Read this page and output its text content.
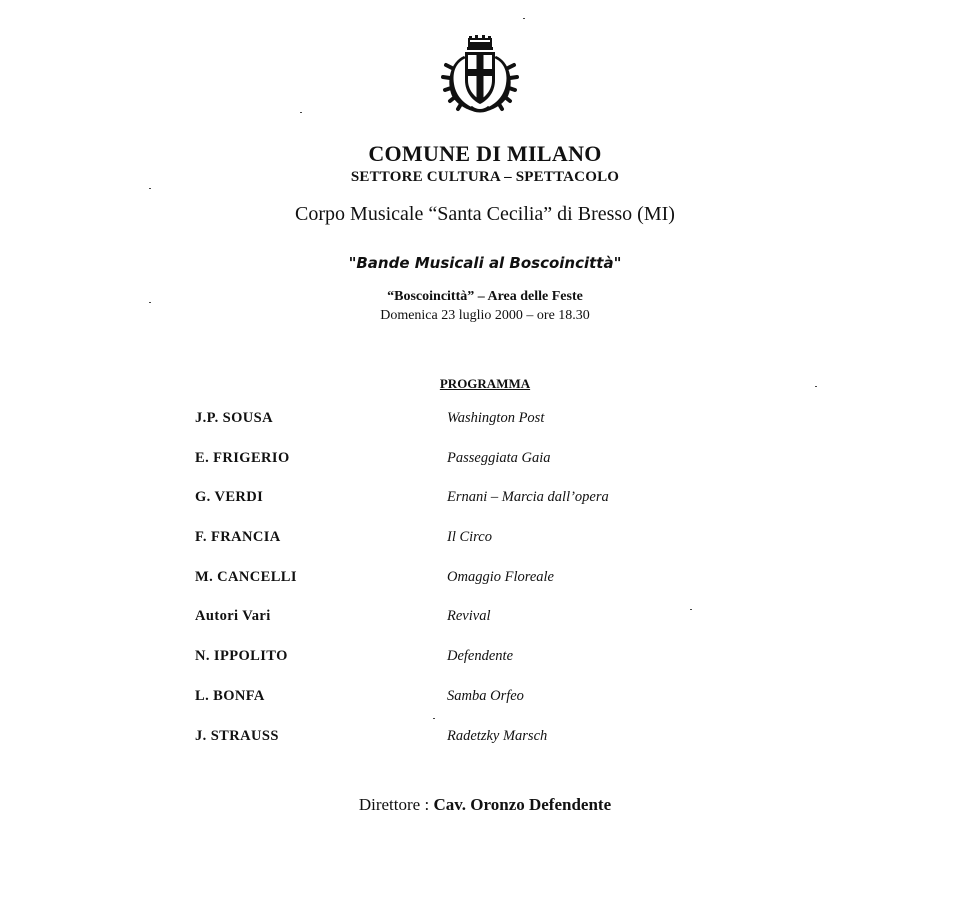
COMUNE DI MILANO
SETTORE CULTURA – SPETTACOLO
Corpo Musicale “Santa Cecilia” di Bresso (MI)
"Bande Musicali al Boscoincittà"
“Boscoincittà” – Area delle Feste
Domenica 23 luglio 2000 – ore 18.30
PROGRAMMA
J.P. SOUSA	Washington Post
E. FRIGERIO	Passeggiata Gaia
G. VERDI	Ernani – Marcia dall’opera
F. FRANCIA	Il Circo
M. CANCELLI	Omaggio Floreale
Autori Vari	Revival
N. IPPOLITO	Defendente
L. BONFA	Samba Orfeo
J. STRAUSS	Radetzky Marsch
Direttore : Cav. Oronzo Defendente
